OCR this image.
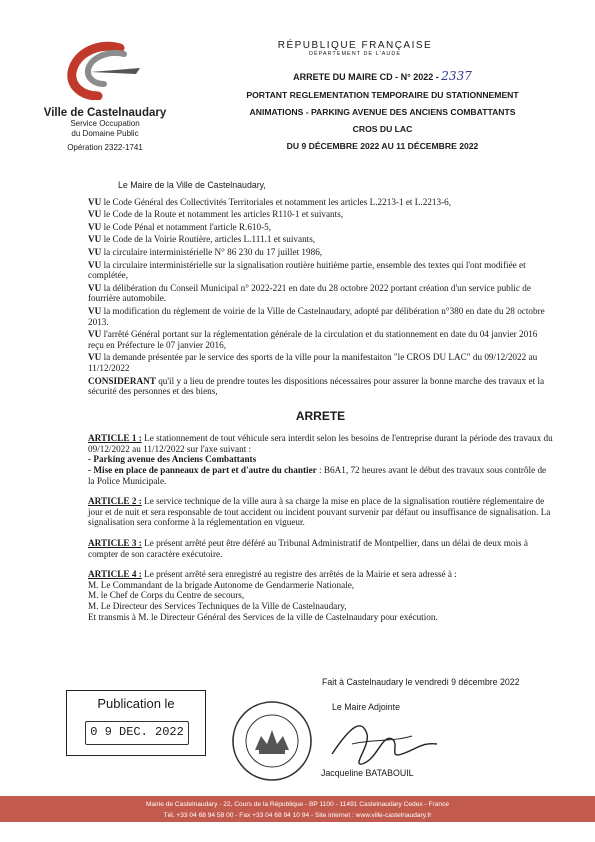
Ville de Castelnaudary
Service Occupation
du Domaine Public
Opération 2322-1741
RÉPUBLIQUE FRANÇAISE
DÉPARTEMENT DE L'AUDE
ARRETE DU MAIRE CD - N° 2022 - 2337
PORTANT REGLEMENTATION TEMPORAIRE DU STATIONNEMENT
ANIMATIONS - PARKING AVENUE DES ANCIENS COMBATTANTS
CROS DU LAC
DU 9 DÉCEMBRE 2022 AU 11 DÉCEMBRE 2022
Le Maire de la Ville de Castelnaudary,

VU le Code Général des Collectivités Territoriales et notamment les articles L.2213-1 et L.2213-6,

VU le Code de la Route et notamment les articles R110-1 et suivants,

VU le Code Pénal et notamment l'article R.610-5,

VU le Code de la Voirie Routière, articles L.111.1 et suivants,

VU la circulaire interministérielle N° 86 230 du 17 juillet 1986,

VU la circulaire interministérielle sur la signalisation routière huitième partie, ensemble des textes qui l'ont modifiée et complétée,

VU la délibération du Conseil Municipal n° 2022-221 en date du 28 octobre 2022 portant création d'un service public de fourrière automobile.

VU la modification du règlement de voirie de la Ville de Castelnaudary, adopté par délibération n°380 en date du 28 octobre 2013.

VU l'arrêté Général portant sur la réglementation générale de la circulation et du stationnement en date du 04 janvier 2016 reçu en Préfecture le 07 janvier 2016,

VU la demande présentée par le service des sports de la ville pour la manifestaiton "le CROS DU LAC" du 09/12/2022 au 11/12/2022

CONSIDERANT qu'il y a lieu de prendre toutes les dispositions nécessaires pour assurer la bonne marche des travaux et la sécurité des personnes et des biens,

ARRETE
ARTICLE 1 : Le stationnement de tout véhicule sera interdit selon les besoins de l'entreprise durant la période des travaux du 09/12/2022 au 11/12/2022 sur l'axe suivant :
- Parking avenue des Anciens Combattants
- Mise en place de panneaux de part et d'autre du chantier : B6A1, 72 heures avant le début des travaux sous contrôle de la Police Municipale.
ARTICLE 2 : Le service technique de la ville aura à sa charge la mise en place de la signalisation routière réglementaire de jour et de nuit et sera responsable de tout accident ou incident pouvant survenir par défaut ou insuffisance de signalisation. La signalisation sera conforme à la réglementation en vigueur.
ARTICLE 3 : Le présent arrêté peut être déféré au Tribunal Administratif de Montpellier, dans un délai de deux mois à compter de son caractère exécutoire.
ARTICLE 4 : Le présent arrêté sera enregistré au registre des arrêtés de la Mairie et sera adressé à :
M. Le Commandant de la brigade Autonome de Gendarmerie Nationale,
M. le Chef de Corps du Centre de secours,
M. Le Directeur des Services Techniques de la Ville de Castelnaudary,
Et transmis à M. le Directeur Général des Services de la ville de Castelnaudary pour exécution.
Fait à Castelnaudary le vendredi 9 décembre 2022
Publication le
0 9 DEC. 2022
Le Maire Adjointe
Jacqueline BATABOUIL
Mairie de Castelnaudary - 22, Cours de la République - BP 1100 - 11491 Castelnaudary Cedex - France
Tél. +33 04 68 94 58 00 - Fax +33 04 68 94 10 94 - Site internet : www.ville-castelnaudary.fr
